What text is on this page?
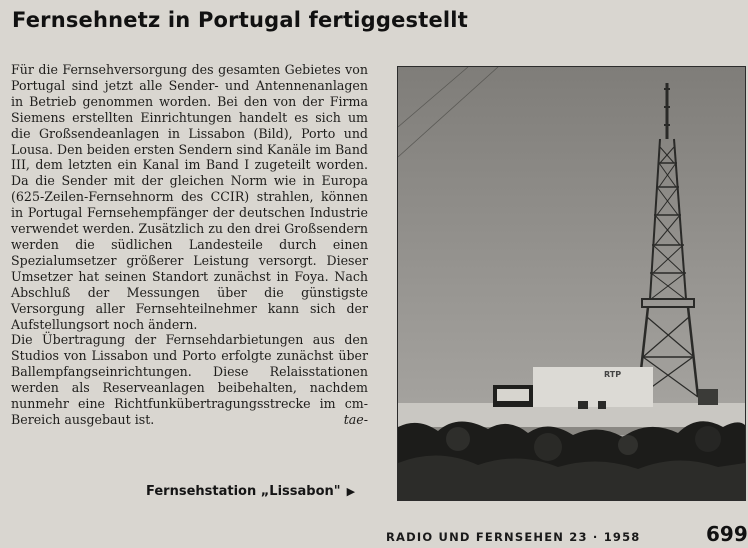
Fernsehnetz in Portugal fertiggestellt

Für die Fernsehversorgung des gesamten Gebietes von Portugal sind jetzt alle Sender- und Antennenanlagen in Betrieb genommen worden. Bei den von der Firma Siemens erstellten Einrichtungen handelt es sich um die Großsendeanlagen in Lissabon (Bild), Porto und Lousa. Den beiden ersten Sendern sind Kanäle im Band III, dem letzten ein Kanal im Band I zugeteilt worden. Da die Sender mit der gleichen Norm wie in Europa (625-Zeilen-Fernsehnorm des CCIR) strahlen, können in Portugal Fernsehempfänger der deutschen Industrie verwendet werden. Zusätzlich zu den drei Großsendern werden die südlichen Landesteile durch einen Spezialumsetzer größerer Leistung versorgt. Dieser Umsetzer hat seinen Standort zunächst in Foya. Nach Abschluß der Messungen über die günstigste Versorgung aller Fernsehteilnehmer kann sich der Aufstellungsort noch ändern.

Die Übertragung der Fernsehdarbietungen aus den Studios von Lissabon und Porto erfolgte zunächst über Ballempfangseinrichtungen. Diese Relaisstationen werden als Reserveanlagen beibehalten, nachdem nunmehr eine Richtfunkübertragungsstrecke im cm-Bereich ausgebaut ist.	tae-
Fernsehstation „Lissabon" ▶
RTP
RADIO UND FERNSEHEN 23 · 1958	699
